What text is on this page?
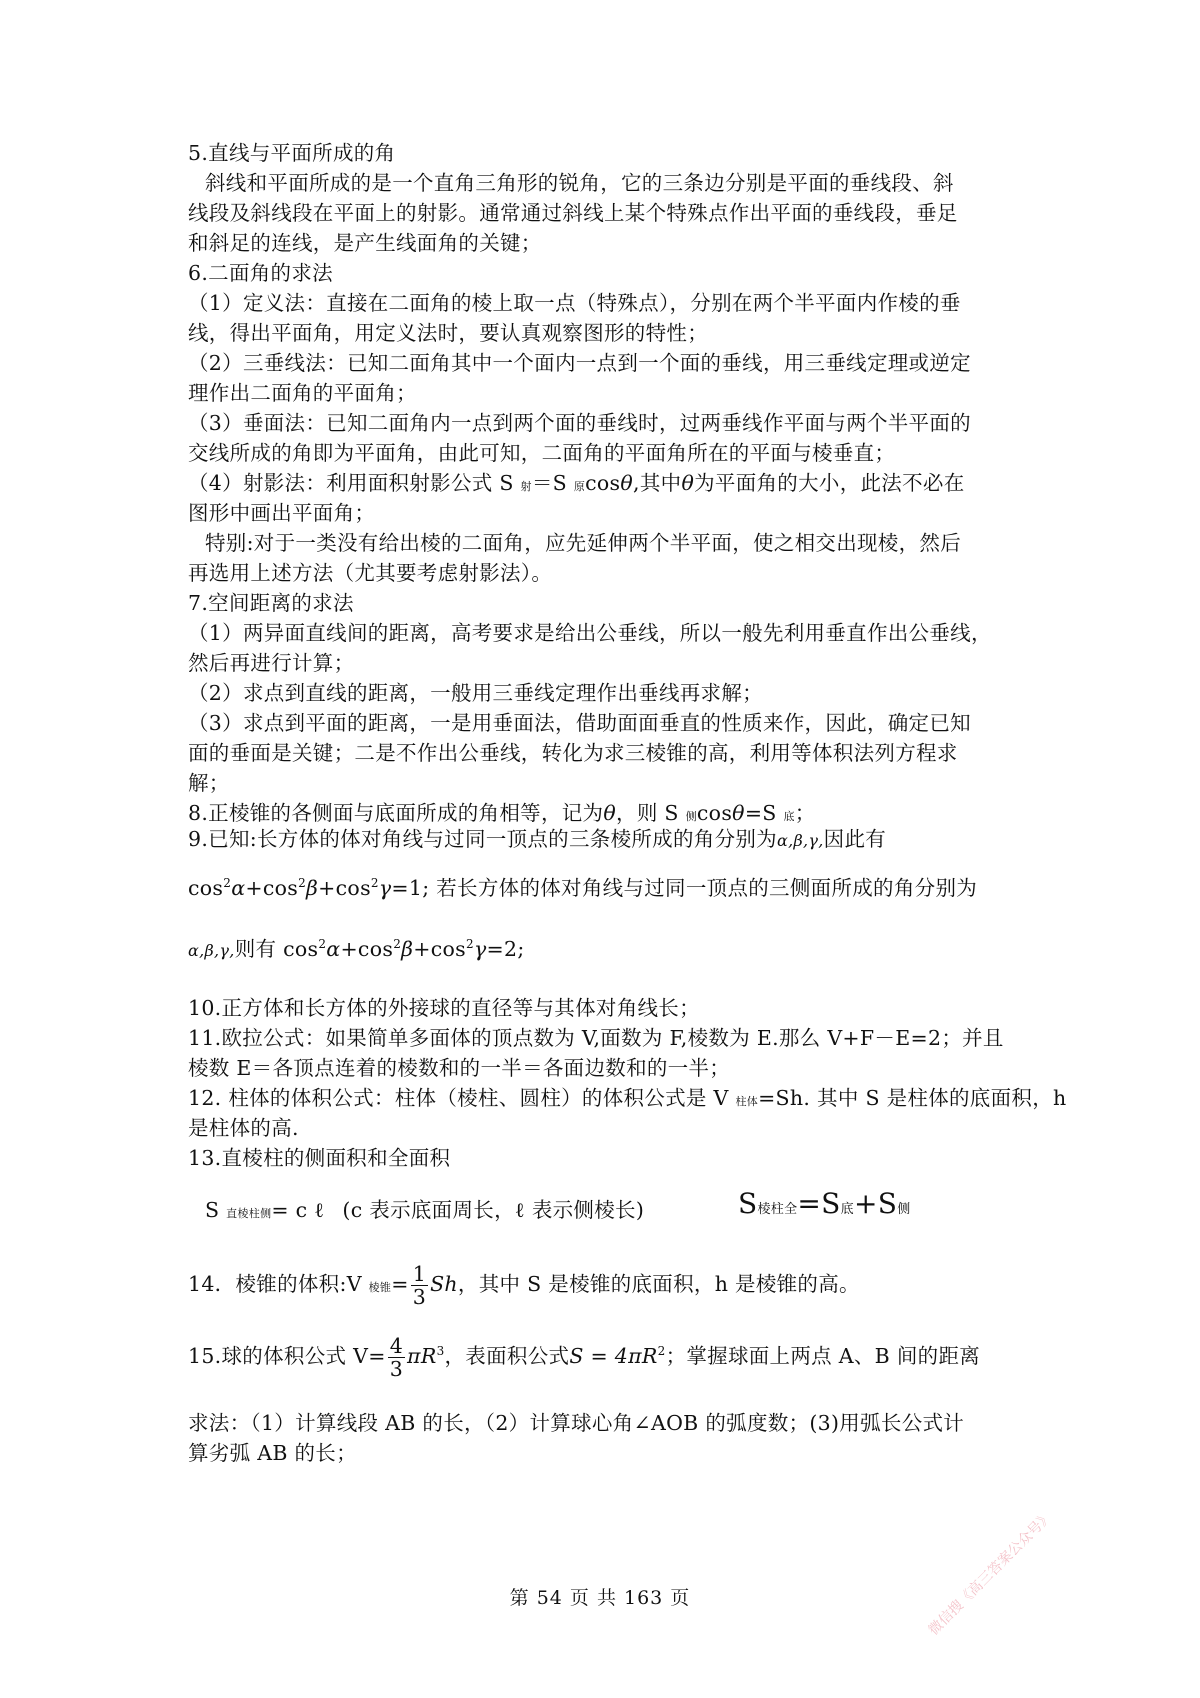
5.直线与平面所成的角
斜线和平面所成的是一个直角三角形的锐角，它的三条边分别是平面的垂线段、斜
线段及斜线段在平面上的射影。通常通过斜线上某个特殊点作出平面的垂线段，垂足
和斜足的连线，是产生线面角的关键；
6.二面角的求法
（1）定义法：直接在二面角的棱上取一点（特殊点），分别在两个半平面内作棱的垂
线，得出平面角，用定义法时，要认真观察图形的特性；
（2）三垂线法：已知二面角其中一个面内一点到一个面的垂线，用三垂线定理或逆定
理作出二面角的平面角；
（3）垂面法：已知二面角内一点到两个面的垂线时，过两垂线作平面与两个半平面的
交线所成的角即为平面角，由此可知，二面角的平面角所在的平面与棱垂直；
（4）射影法：利用面积射影公式 S 射＝S 原cosθ,其中θ为平面角的大小，此法不必在
图形中画出平面角；
特别:对于一类没有给出棱的二面角，应先延伸两个半平面，使之相交出现棱，然后
再选用上述方法（尤其要考虑射影法）。
7.空间距离的求法
（1）两异面直线间的距离，高考要求是给出公垂线，所以一般先利用垂直作出公垂线，
然后再进行计算；
（2）求点到直线的距离，一般用三垂线定理作出垂线再求解；
（3）求点到平面的距离，一是用垂面法，借助面面垂直的性质来作，因此，确定已知
面的垂面是关键；二是不作出公垂线，转化为求三棱锥的高，利用等体积法列方程求
解；
8.正棱锥的各侧面与底面所成的角相等，记为θ，则 S 侧cosθ=S 底；
9.已知:长方体的体对角线与过同一顶点的三条棱所成的角分别为α,β,γ,因此有
$\cos^2\alpha+\cos^2\beta+\cos^2\gamma=1$; 若长方体的体对角线与过同一顶点的三侧面所成的角分别为
α,β,γ,则有 $\cos^2\alpha+\cos^2\beta+\cos^2\gamma=2$;
10.正方体和长方体的外接球的直径等与其体对角线长；
11.欧拉公式：如果简单多面体的顶点数为 V,面数为 F,棱数为 E.那么 V+F－E=2；并且
棱数 E＝各顶点连着的棱数和的一半＝各面边数和的一半；
12. 柱体的体积公式：柱体（棱柱、圆柱）的体积公式是 V 柱体=Sh. 其中 S 是柱体的底面积，h
是柱体的高.
13.直棱柱的侧面积和全面积
S 直棱柱侧= c ℓ (c 表示底面周长，ℓ 表示侧棱长)	S棱柱全=S底+S侧
14．棱锥的体积:V 棱锥= $\frac{1}{3}$ Sh，其中 S 是棱锥的底面积，h 是棱锥的高。
15.球的体积公式 $V= \frac{4}{3} \pi R^3$，表面积公式$S = 4\pi R^2$；掌握球面上两点 A、B 间的距离
求法：（1）计算线段 AB 的长，（2）计算球心角∠AOB 的弧度数；(3)用弧长公式计
算劣弧 AB 的长；
第 54 页 共 163 页	微信搜《高三答案公众号》
